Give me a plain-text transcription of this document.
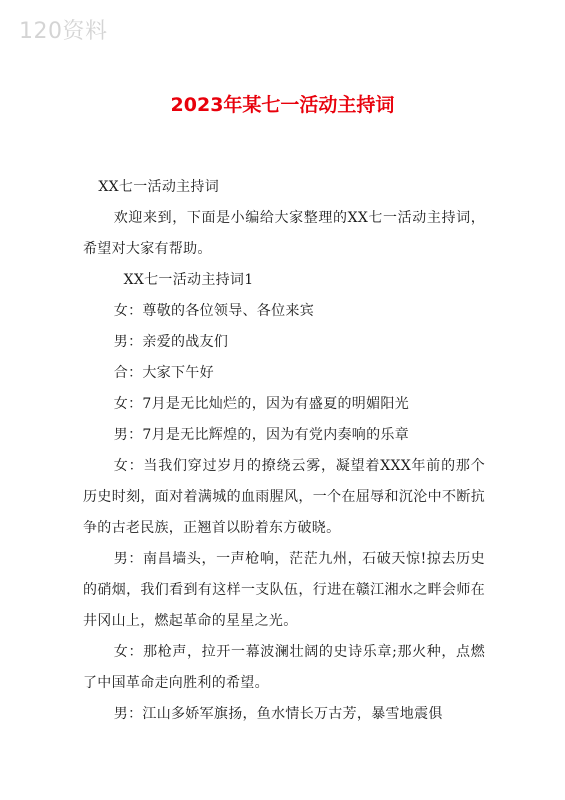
120资料
2023年某七一活动主持词

XX七一活动主持词

欢迎来到，下面是小编给大家整理的XX七一活动主持词，希望对大家有帮助。

XX七一活动主持词1

女：尊敬的各位领导、各位来宾

男：亲爱的战友们

合：大家下午好

女：7月是无比灿烂的，因为有盛夏的明媚阳光

男：7月是无比辉煌的，因为有党内奏响的乐章

女：当我们穿过岁月的撩绕云雾，凝望着XXX年前的那个历史时刻，面对着满城的血雨腥风，一个在屈辱和沉沦中不断抗争的古老民族，正翘首以盼着东方破晓。

男：南昌墙头，一声枪响，茫茫九州，石破天惊!掠去历史的硝烟，我们看到有这样一支队伍，行进在赣江湘水之畔会师在井冈山上，燃起革命的星星之光。

女：那枪声，拉开一幕波澜壮阔的史诗乐章;那火种，点燃了中国革命走向胜利的希望。

男：江山多娇军旗扬，鱼水情长万古芳，暴雪地震俱
